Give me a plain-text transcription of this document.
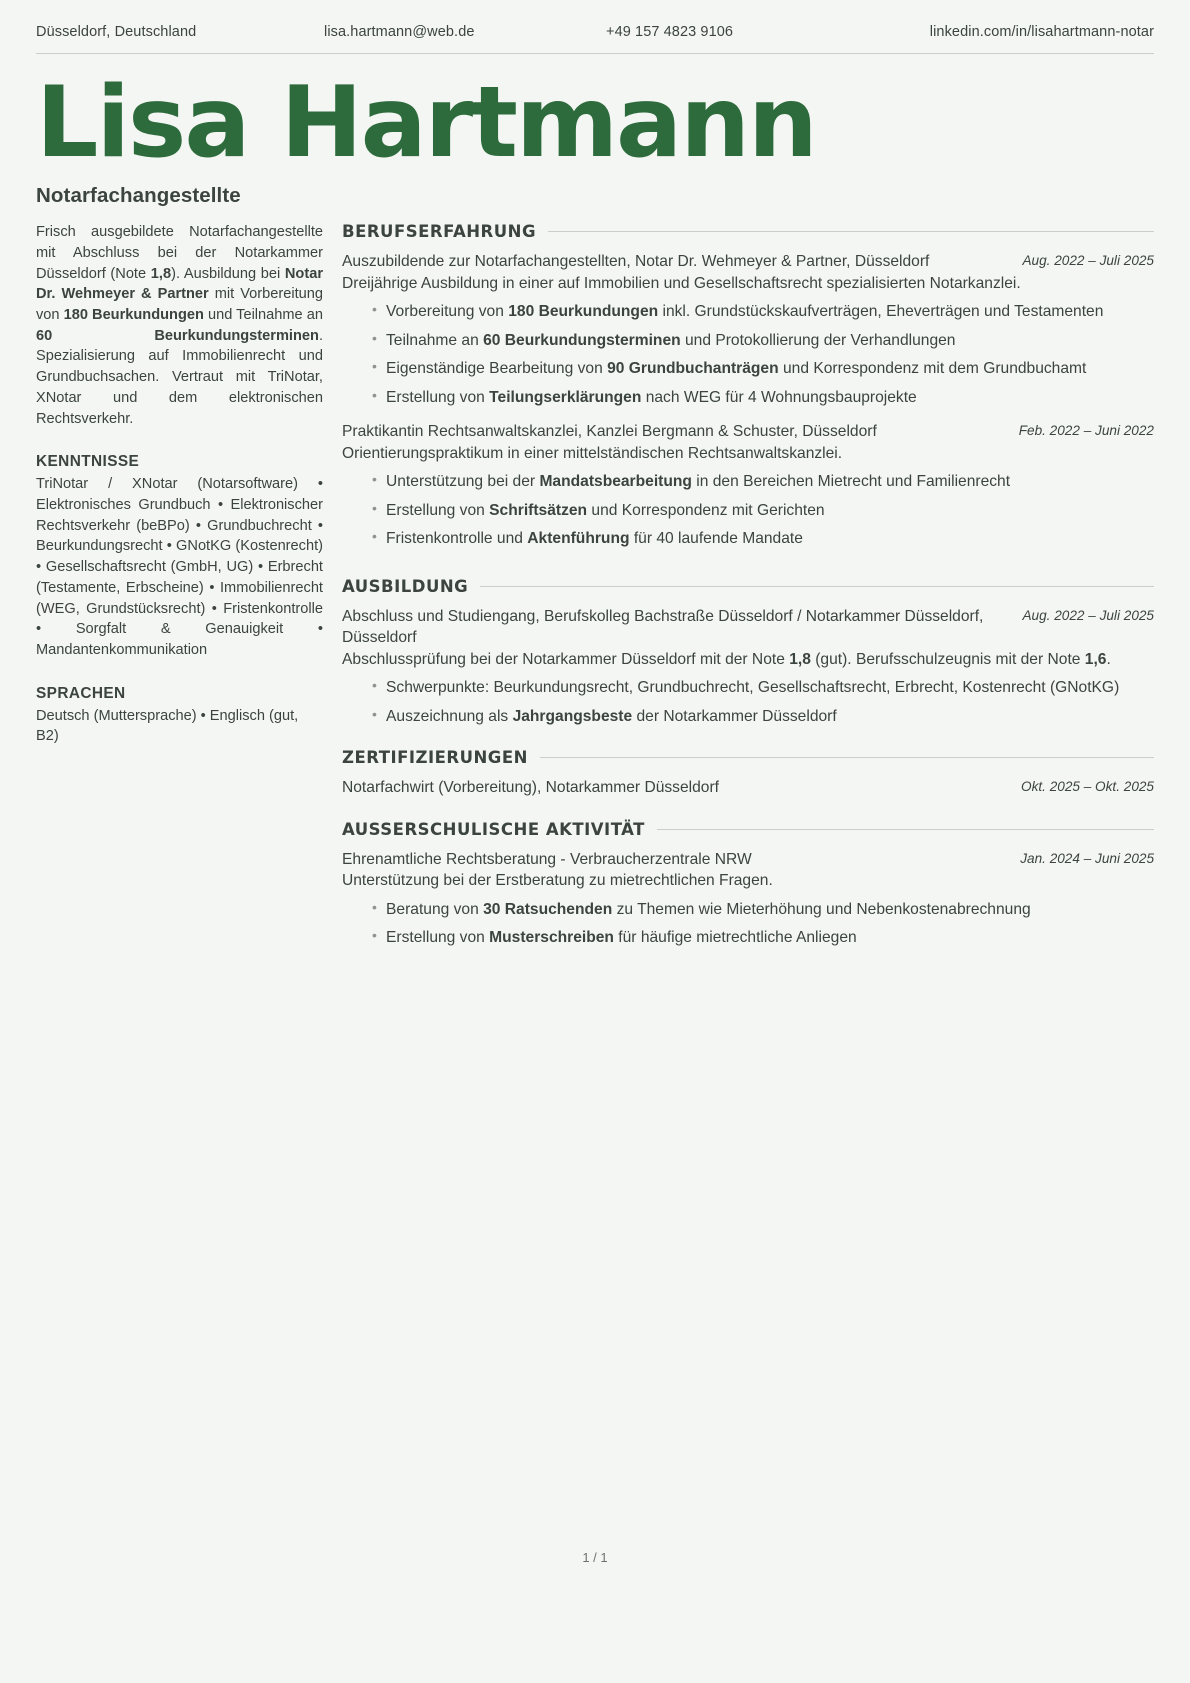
Düsseldorf, Deutschland	lisa.hartmann@web.de	+49 157 4823 9106	linkedin.com/in/lisahartmann-notar
Lisa Hartmann
Notarfachangestellte

Frisch ausgebildete Notarfachangestellte mit Abschluss bei der Notarkammer Düsseldorf (Note 1,8). Ausbildung bei Notar Dr. Wehmeyer & Partner mit Vorbereitung von 180 Beurkundungen und Teilnahme an 60 Beurkundungsterminen. Spezialisierung auf Immobilienrecht und Grundbuchsachen. Vertraut mit TriNotar, XNotar und dem elektronischen Rechtsverkehr.

KENNTNISSE

TriNotar / XNotar (Notarsoftware) • Elektronisches Grundbuch • Elektronischer Rechtsverkehr (beBPo) • Grundbuchrecht • Beurkundungsrecht • GNotKG (Kostenrecht) • Gesellschaftsrecht (GmbH, UG) • Erbrecht (Testamente, Erbscheine) • Immobilienrecht (WEG, Grundstücksrecht) • Fristenkontrolle • Sorgfalt & Genauigkeit • Mandantenkommunikation

SPRACHEN

Deutsch (Muttersprache) • Englisch (gut, B2)

BERUFSERFAHRUNG
Auszubildende zur Notarfachangestellten, Notar Dr. Wehmeyer & Partner, Düsseldorf	Aug. 2022 – Juli 2025

Dreijährige Ausbildung in einer auf Immobilien und Gesellschaftsrecht spezialisierten Notarkanzlei.

• Vorbereitung von 180 Beurkundungen inkl. Grundstückskaufverträgen, Eheverträgen und Testamenten
• Teilnahme an 60 Beurkundungsterminen und Protokollierung der Verhandlungen
• Eigenständige Bearbeitung von 90 Grundbuchanträgen und Korrespondenz mit dem Grundbuchamt
• Erstellung von Teilungserklärungen nach WEG für 4 Wohnungsbauprojekte
Praktikantin Rechtsanwaltskanzlei, Kanzlei Bergmann & Schuster, Düsseldorf	Feb. 2022 – Juni 2022

Orientierungspraktikum in einer mittelständischen Rechtsanwaltskanzlei.

• Unterstützung bei der Mandatsbearbeitung in den Bereichen Mietrecht und Familienrecht
• Erstellung von Schriftsätzen und Korrespondenz mit Gerichten
• Fristenkontrolle und Aktenführung für 40 laufende Mandate
AUSBILDUNG
Abschluss und Studiengang, Berufskolleg Bachstraße Düsseldorf / Notarkammer Düsseldorf, Düsseldorf
Aug. 2022 – Juli 2025

Abschlussprüfung bei der Notarkammer Düsseldorf mit der Note 1,8 (gut). Berufsschulzeugnis mit der Note 1,6.

• Schwerpunkte: Beurkundungsrecht, Grundbuchrecht, Gesellschaftsrecht, Erbrecht, Kostenrecht (GNotKG)
• Auszeichnung als Jahrgangsbeste der Notarkammer Düsseldorf
ZERTIFIZIERUNGEN
Notarfachwirt (Vorbereitung), Notarkammer Düsseldorf	Okt. 2025 – Okt. 2025
AUSSERSCHULISCHE AKTIVITÄT
Ehrenamtliche Rechtsberatung - Verbraucherzentrale NRW	Jan. 2024 – Juni 2025

Unterstützung bei der Erstberatung zu mietrechtlichen Fragen.

• Beratung von 30 Ratsuchenden zu Themen wie Mieterhöhung und Nebenkostenabrechnung
• Erstellung von Musterschreiben für häufige mietrechtliche Anliegen
1 / 1
